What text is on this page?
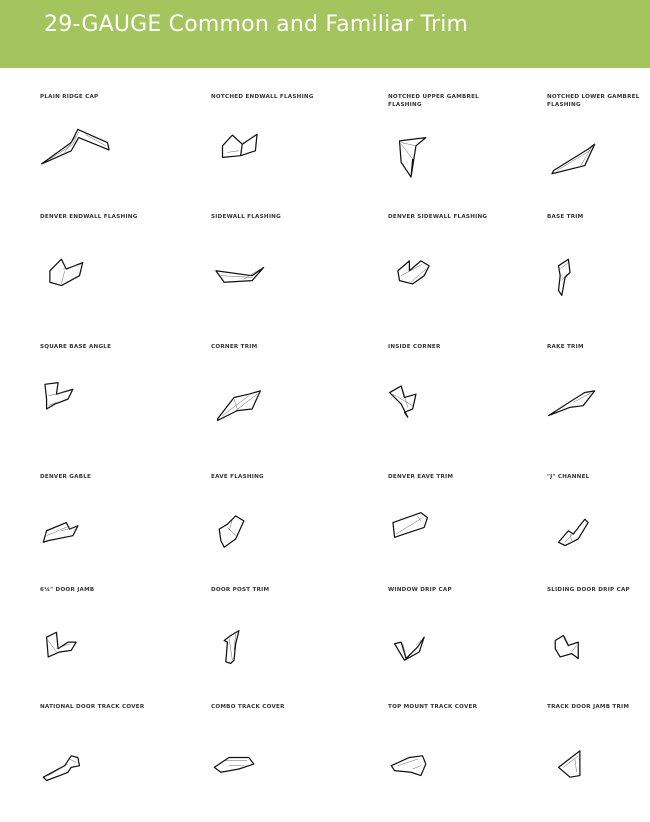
29-GAUGE Common and Familiar Trim
PLAIN RIDGE CAP	NOTCHED ENDWALL FLASHING	NOTCHED UPPER GAMBREL FLASHING
NOTCHED LOWER GAMBREL FLASHING
DENVER ENDWALL FLASHING	SIDEWALL FLASHING	DENVER SIDEWALL FLASHING	BASE TRIM
SQUARE BASE ANGLE	CORNER TRIM	INSIDE CORNER	RAKE TRIM
DENVER GABLE	EAVE FLASHING	DENVER EAVE TRIM	"J" CHANNEL
6¼" DOOR JAMB	DOOR POST TRIM	WINDOW DRIP CAP	SLIDING DOOR DRIP CAP
NATIONAL DOOR TRACK COVER	COMBO TRACK COVER	TOP MOUNT TRACK COVER	TRACK DOOR JAMB TRIM
